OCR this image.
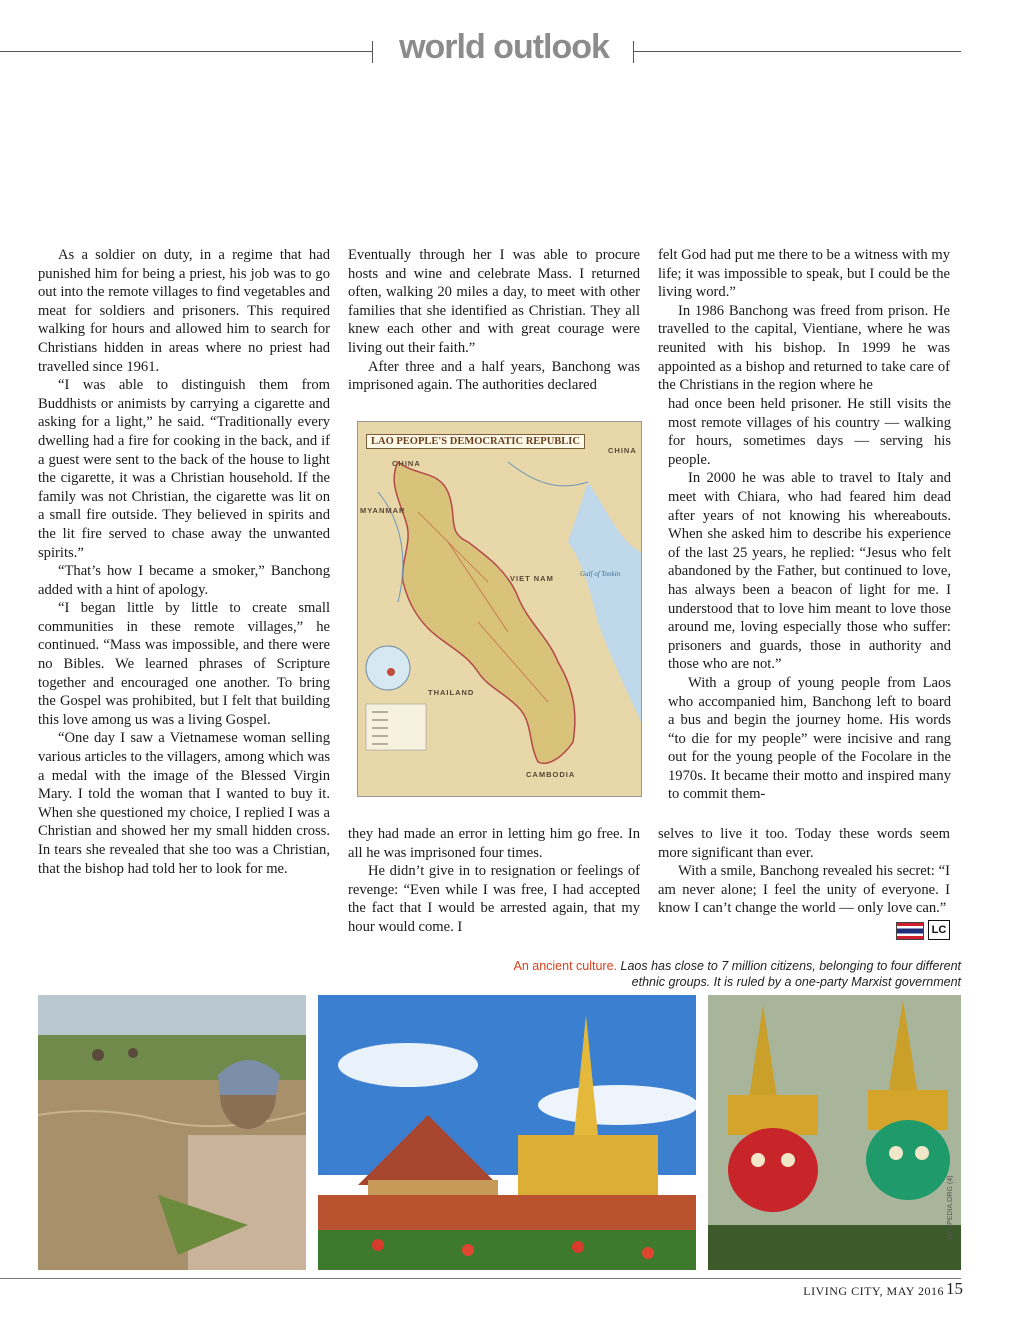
world outlook

As a soldier on duty, in a regime that had punished him for being a priest, his job was to go out into the remote villages to find vegetables and meat for soldiers and prisoners. This required walking for hours and allowed him to search for Christians hidden in areas where no priest had travelled since 1961.

“I was able to distinguish them from Buddhists or animists by carrying a cigarette and asking for a light,” he said. “Traditionally every dwelling had a fire for cooking in the back, and if a guest were sent to the back of the house to light the cigarette, it was a Christian household. If the family was not Christian, the cigarette was lit on a small fire outside. They believed in spirits and the lit fire served to chase away the unwanted spirits.”

“That’s how I became a smoker,” Banchong added with a hint of apology.

“I began little by little to create small communities in these remote villages,” he continued. “Mass was impossible, and there were no Bibles. We learned phrases of Scripture together and encouraged one another. To bring the Gospel was prohibited, but I felt that building this love among us was a living Gospel.

“One day I saw a Vietnamese woman selling various articles to the villagers, among which was a medal with the image of the Blessed Virgin Mary. I told the woman that I wanted to buy it. When she questioned my choice, I replied I was a Christian and showed her my small hidden cross. In tears she revealed that she too was a Christian, that the bishop had told her to look for me.

Eventually through her I was able to procure hosts and wine and celebrate Mass. I returned often, walking 20 miles a day, to meet with other families that she identified as Christian. They all knew each other and with great courage were living out their faith.”

After three and a half years, Banchong was imprisoned again. The authorities declared

LAO PEOPLE'S DEMOCRATIC REPUBLIC
CHINA
CHINA
MYANMAR
VIET NAM
THAILAND
CAMBODIA
Gulf of Tonkin

they had made an error in letting him go free. In all he was imprisoned four times.

He didn’t give in to resignation or feelings of revenge: “Even while I was free, I had accepted the fact that I would be arrested again, that my hour would come. I

felt God had put me there to be a witness with my life; it was impossible to speak, but I could be the living word.”

In 1986 Banchong was freed from prison. He travelled to the capital, Vientiane, where he was reunited with his bishop. In 1999 he was appointed as a bishop and returned to take care of the Christians in the region where he

had once been held prisoner. He still visits the most remote villages of his country — walking for hours, sometimes days — serving his people.

In 2000 he was able to travel to Italy and meet with Chiara, who had feared him dead after years of not knowing his whereabouts. When she asked him to describe his experience of the last 25 years, he replied: “Jesus who felt abandoned by the Father, but continued to love, has always been a beacon of light for me. I understood that to love him meant to love those around me, loving especially those who suffer: prisoners and guards, those in authority and those who are not.”

With a group of young people from Laos who accompanied him, Banchong left to board a bus and begin the journey home. His words “to die for my people” were incisive and rang out for the young people of the Focolare in the 1970s. It became their motto and inspired many to commit them-

selves to live it too. Today these words seem more significant than ever.

With a smile, Banchong revealed his secret: “I am never alone; I feel the unity of everyone. I know I can’t change the world — only love can.”

LC
An ancient culture. Laos has close to 7 million citizens, belonging to four different ethnic groups. It is ruled by a one-party Marxist government
WIKIPEDIA.ORG (4)
LIVING CITY, MAY 2016 15
